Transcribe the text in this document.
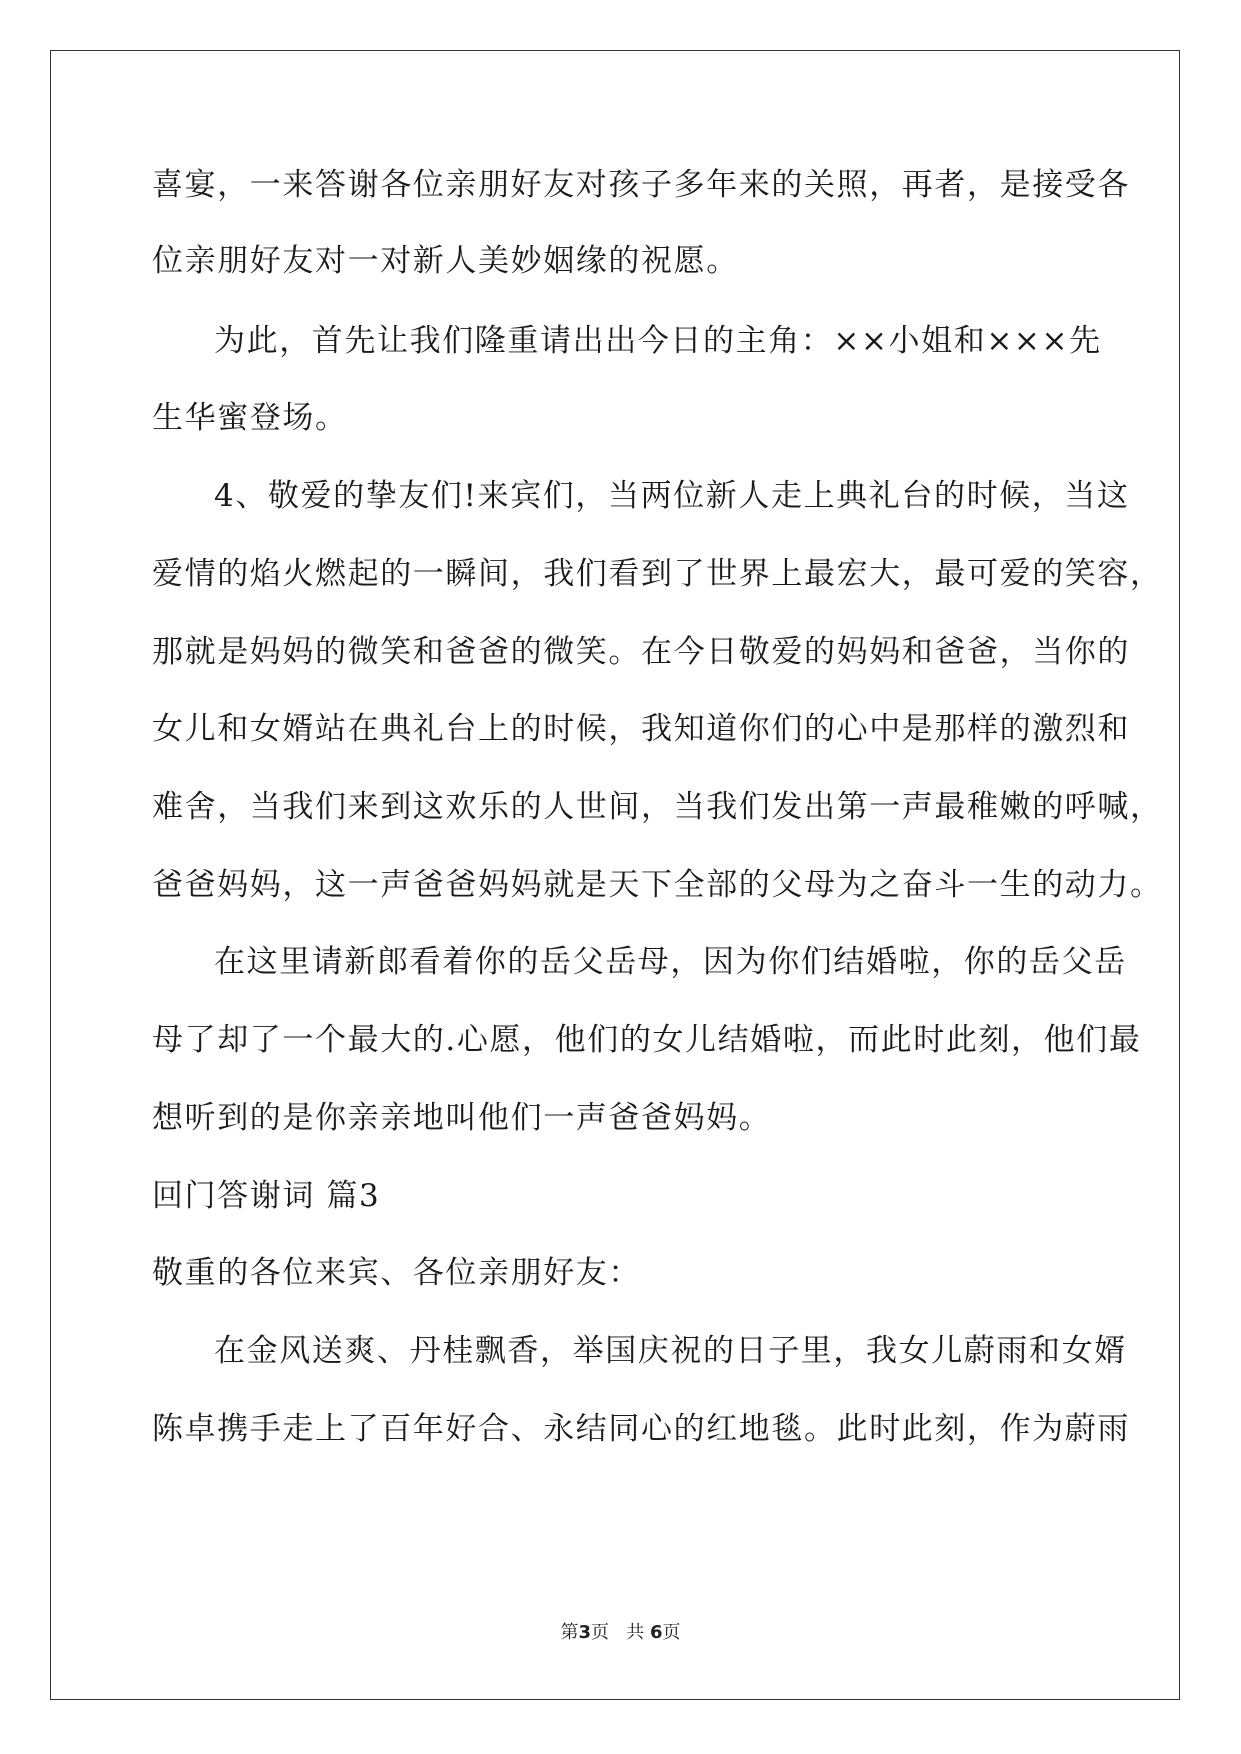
喜宴，一来答谢各位亲朋好友对孩子多年来的关照，再者，是接受各
位亲朋好友对一对新人美妙姻缘的祝愿。
为此，首先让我们隆重请出出今日的主角：××小姐和×××先
生华蜜登场。
4、敬爱的挚友们!来宾们，当两位新人走上典礼台的时候，当这
爱情的焰火燃起的一瞬间，我们看到了世界上最宏大，最可爱的笑容，
那就是妈妈的微笑和爸爸的微笑。在今日敬爱的妈妈和爸爸，当你的
女儿和女婿站在典礼台上的时候，我知道你们的心中是那样的激烈和
难舍，当我们来到这欢乐的人世间，当我们发出第一声最稚嫩的呼喊，
爸爸妈妈，这一声爸爸妈妈就是天下全部的父母为之奋斗一生的动力。
在这里请新郎看着你的岳父岳母，因为你们结婚啦，你的岳父岳
母了却了一个最大的.心愿，他们的女儿结婚啦，而此时此刻，他们最
想听到的是你亲亲地叫他们一声爸爸妈妈。
回门答谢词 篇3
敬重的各位来宾、各位亲朋好友：
在金风送爽、丹桂飘香，举国庆祝的日子里，我女儿蔚雨和女婿
陈卓携手走上了百年好合、永结同心的红地毯。此时此刻，作为蔚雨
第3页 共 6页
